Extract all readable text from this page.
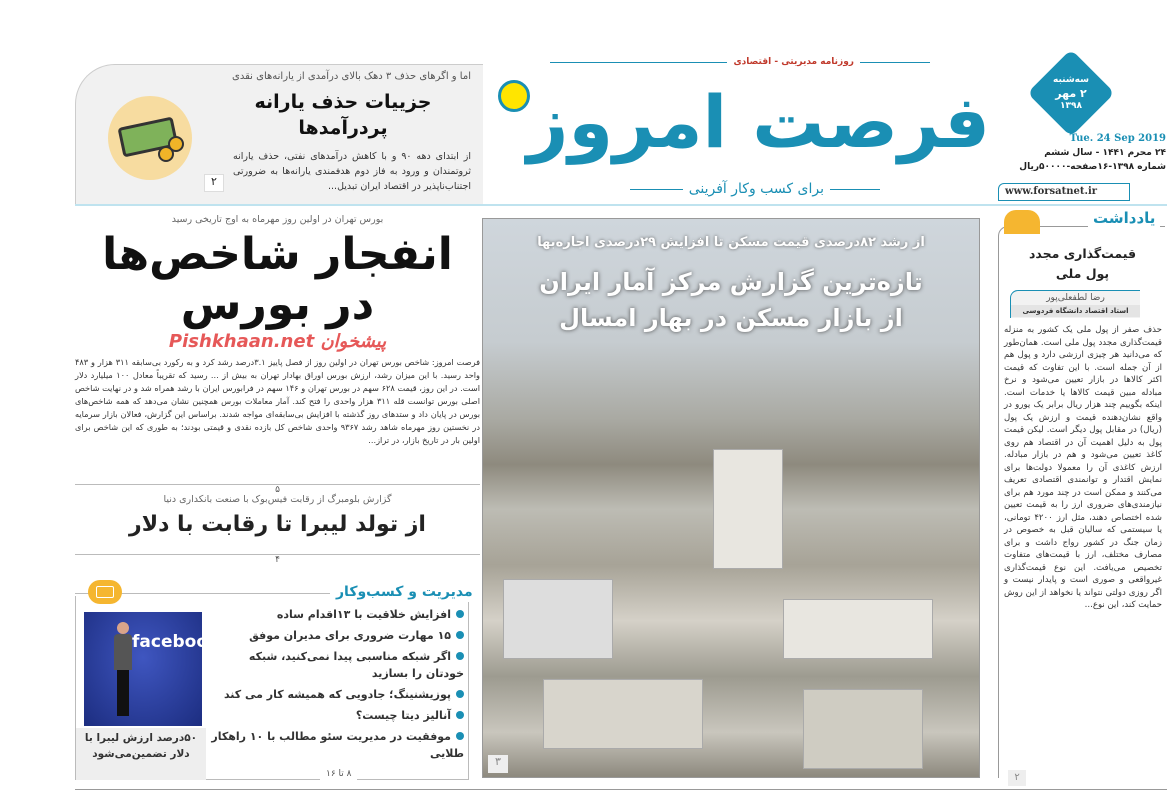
اما و اگرهای حذف ۳ دهک بالای درآمدی از یارانه‌های نقدی
جزییات حذف یارانه
پردرآمدها
از ابتدای دهه ۹۰ و با کاهش درآمدهای نفتی، حذف یارانه ثروتمندان و ورود به فاز دوم هدفمندی یارانه‌ها به ضرورتی اجتناب‌ناپذیر در اقتصاد ایران تبدیل...
۲
روزنامه مدیریتی - اقتصادی
فرصت امروز
برای کسب وکار آفرینی
سه‌شنبه
۲ مهر
۱۳۹۸
Tue. 24 Sep 2019
۲۴ محرم ۱۴۴۱ - سال ششم
شماره ۱۳۹۸-۱۶صفحه-۵۰۰۰۰ریال
www.forsatnet.ir
بورس تهران در اولین روز مهرماه به اوج تاریخی رسید
انفجار شاخص‌ها
در بورس
پیشخوان Pishkhaan.net
فرصت امروز: شاخص بورس تهران در اولین روز از فصل پاییز ۳.۱درصد رشد کرد و به رکورد بی‌سابقه ۳۱۱ هزار و ۴۸۳ واحد رسید. با این میزان رشد، ارزش بورس اوراق بهادار تهران به بیش از ... رسید که تقریباً معادل ۱۰۰ میلیارد دلار است. در این روز، قیمت ۶۲۸ سهم در بورس تهران و ۱۴۶ سهم در فرابورس ایران با رشد همراه شد و در نهایت شاخص اصلی بورس توانست قله ۳۱۱ هزار واحدی را فتح کند. آمار معاملات بورس همچنین نشان می‌دهد که همه شاخص‌های بورس در پایان داد و ستدهای روز گذشته با افزایش بی‌سابقه‌ای مواجه شدند. براساس این گزارش، فعالان بازار سرمایه در نخستین روز مهرماه شاهد رشد ۹۳۶۷ واحدی شاخص کل بازده نقدی و قیمتی بودند؛ به طوری که این شاخص برای اولین بار در تاریخ بازار، در تراز...
$^۵$
گزارش بلومبرگ از رقابت فیس‌بوک با صنعت بانکداری دنیا
از تولد لیبرا تا رقابت با دلار
$^۴$
مدیریت و کسب‌وکار
facebook
۵۰درصد ارزش لیبرا با دلار تضمین‌می‌شود
افزایش خلاقیت با ۱۳اقدام ساده
۱۵ مهارت ضروری برای مدیران موفق
اگر شبکه مناسبی پیدا نمی‌کنید، شبکه خودتان را بسازید
پوزیشنینگ؛ جادویی که همیشه کار می کند
آنالیز دیتا چیست؟
موفقیت در مدیریت سئو مطالب با ۱۰ راهکار طلایی
۸ تا ۱۶
از رشد ۸۲درصدی قیمت مسکن تا افزایش ۲۹درصدی اجاره‌بها
تازه‌ترین گزارش مرکز آمار ایران
از بازار مسکن در بهار امسال
۳
یادداشت
قیمت‌گذاری مجدد
پول ملی
رضا لطفعلی‌پور
استاد اقتصاد دانشگاه فردوسی
حذف صفر از پول ملی یک کشور به منزله قیمت‌گذاری مجدد پول ملی است. همان‌طور که می‌دانید هر چیزی ارزشی دارد و پول هم از آن جمله است. با این تفاوت که قیمت اکثر کالاها در بازار تعیین می‌شود و نرخ مبادله مبین قیمت کالاها یا خدمات است. اینکه بگوییم چند هزار ریال برابر یک یورو در واقع نشان‌دهنده قیمت و ارزش یک پول (ریال) در مقابل پول دیگر است. لیکن قیمت پول به دلیل اهمیت آن در اقتصاد هم روی کاغذ تعیین می‌شود و هم در بازار مبادله. ارزش کاغذی آن را معمولا دولت‌ها برای نمایش اقتدار و توانمندی اقتصادی تعریف می‌کنند و ممکن است در چند مورد هم برای نیازمندی‌های ضروری ارز را به قیمت تعیین شده اختصاص دهند، مثل ارز ۴۲۰۰ تومانی، یا سیستمی که سالیان قبل به خصوص در زمان جنگ در کشور رواج داشت و برای مصارف مختلف، ارز با قیمت‌های متفاوت تخصیص می‌یافت. این نوع قیمت‌گذاری غیرواقعی و صوری است و پایدار نیست و اگر روزی دولتی نتواند یا نخواهد از این روش حمایت کند، این نوع...
۲
